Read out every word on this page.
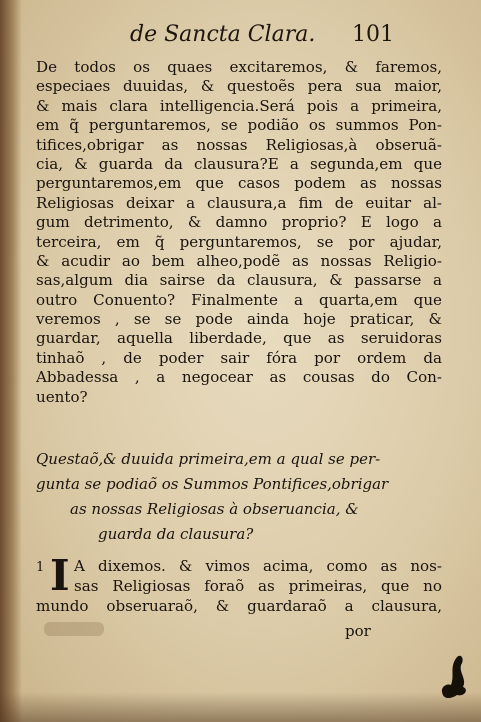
de Sancta Clara. 101
De todos os quaes excitaremos, & faremos,
especiaes duuidas, & questoẽs pera sua maior,
& mais clara intelligencia.Será pois a primeira,
em q̃ perguntaremos, se podião os summos Pon-
tifices,obrigar as nossas Religiosas,à obseruã-
cia, & guarda da clausura?E a segunda,em que
perguntaremos,em que casos podem as nossas
Religiosas deixar a clausura,a fim de euitar al-
gum detrimento, & damno proprio? E logo a
terceira, em q̃ perguntaremos, se por ajudar,
& acudir ao bem alheo,podẽ as nossas Religio-
sas,algum dia sairse da clausura, & passarse a
outro Conuento? Finalmente a quarta,em que
veremos , se se pode ainda hoje praticar, &
guardar, aquella liberdade, que as seruidoras
tinhaõ , de poder sair fóra por ordem da
Abbadessa , a negocear as cousas do Con-
uento?
Questaõ,& duuida primeira,em a qual se per-
gunta se podiaõ os Summos Pontifices,obrigar
as nossas Religiosas à obseruancia, &
guarda da clausura?
1 I A dixemos. & vimos acima, como as nos-
sas Religiosas foraõ as primeiras, que no
mundo obseruaraõ, & guardaraõ a clausura,
por
